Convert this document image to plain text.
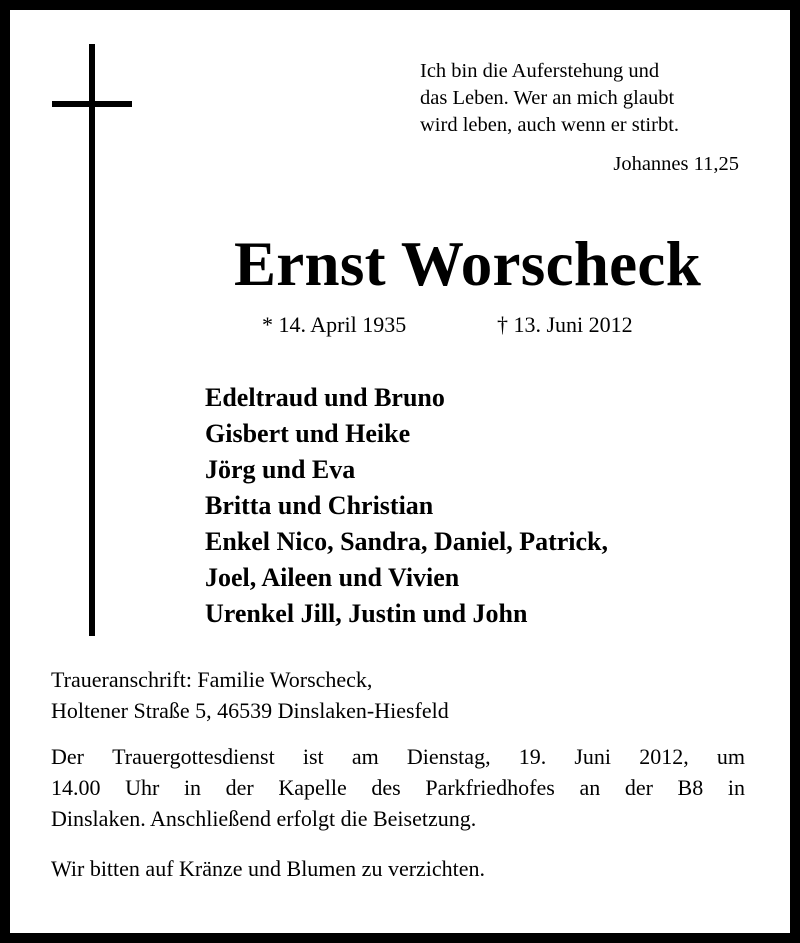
Ich bin die Auferstehung und
das Leben. Wer an mich glaubt
wird leben, auch wenn er stirbt.
Johannes 11,25
Ernst Worscheck
* 14. April 1935	† 13. Juni 2012
Edeltraud und Bruno
Gisbert und Heike
Jörg und Eva
Britta und Christian
Enkel Nico, Sandra, Daniel, Patrick,
Joel, Aileen und Vivien
Urenkel Jill, Justin und John
Traueranschrift: Familie Worscheck,
Holtener Straße 5, 46539 Dinslaken-Hiesfeld
Der Trauergottesdienst ist am Dienstag, 19. Juni 2012, um
14.00 Uhr in der Kapelle des Parkfriedhofes an der B8 in
Dinslaken. Anschließend erfolgt die Beisetzung.
Wir bitten auf Kränze und Blumen zu verzichten.
